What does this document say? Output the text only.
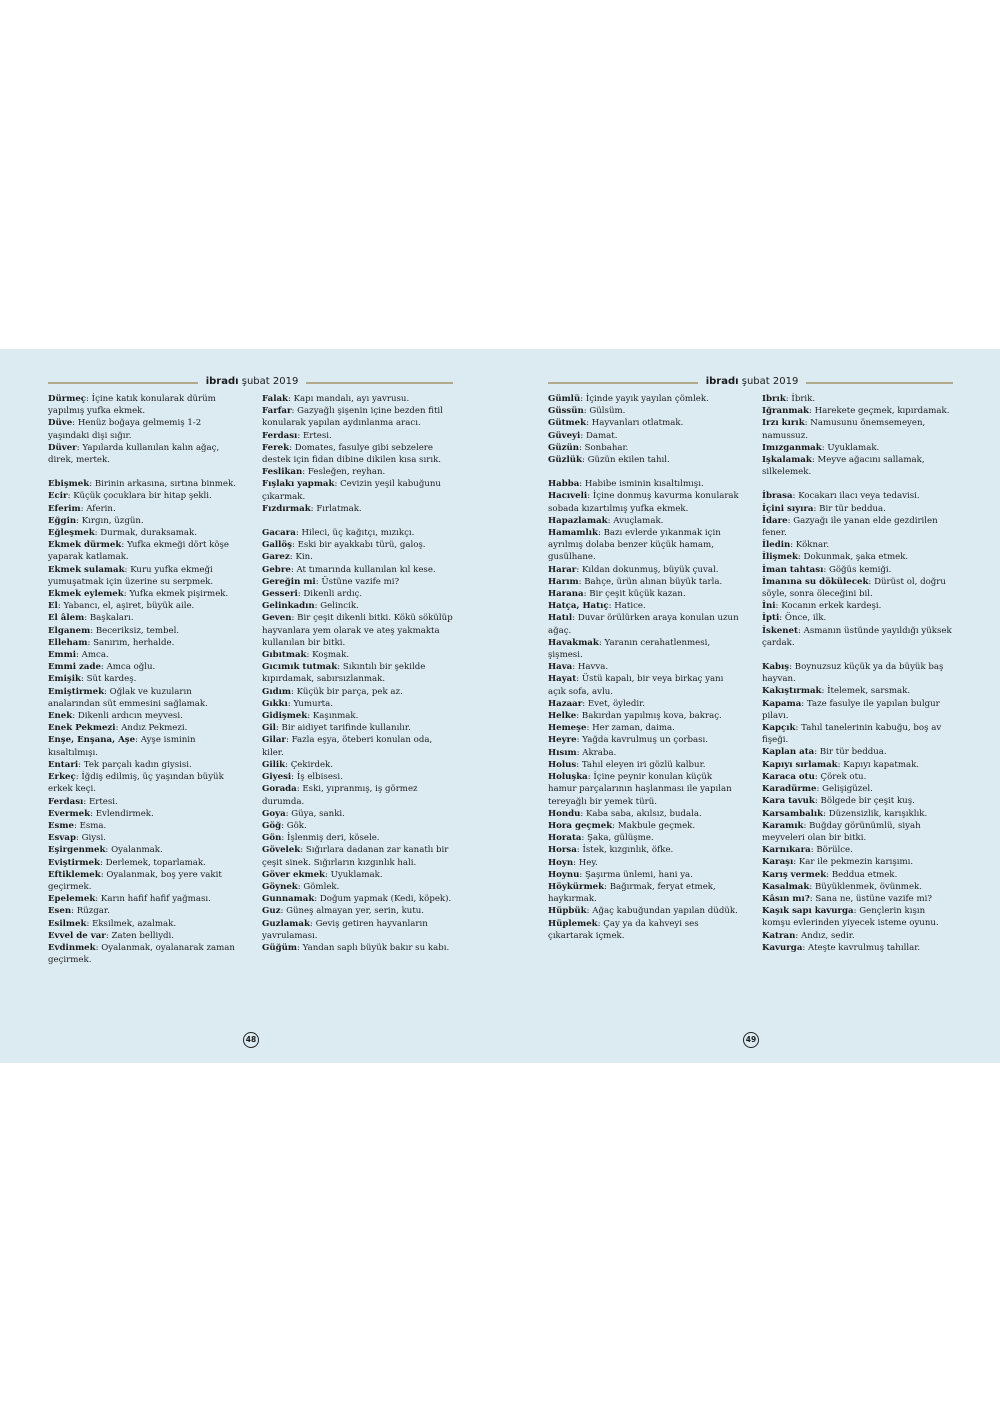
ibradı şubat 2019
Dürmeç: İçine katık konularak dürüm yapılmış yufka ekmek.
Düve: Henüz boğaya gelmemiş 1-2 yaşındaki dişi sığır.
Düver: Yapılarda kullanılan kalın ağaç, direk, mertek.
Ebişmek: Birinin arkasına, sırtına binmek.
Ecir: Küçük çocuklara bir hitap şekli.
Eferim: Aferin.
Eğgin: Kırgın, üzgün.
Eğleşmek: Durmak, duraksamak.
Ekmek dürmek: Yufka ekmeği dört köşe yaparak katlamak.
Ekmek sulamak: Kuru yufka ekmeği yumuşatmak için üzerine su serpmek.
Ekmek eylemek: Yufka ekmek pişirmek.
El: Yabancı, el, aşiret, büyük aile.
El âlem: Başkaları.
Elganem: Beceriksiz, tembel.
Elleham: Sanırım, herhalde.
Emmi: Amca.
Emmi zade: Amca oğlu.
Emişik: Süt kardeş.
Emiştirmek: Oğlak ve kuzuların analarından süt emmesini sağlamak.
Enek: Dikenli ardıcın meyvesi.
Enek Pekmezi: Andız Pekmezi.
Enşe, Enşana, Aşe: Ayşe isminin kısaltılmışı.
Entari: Tek parçalı kadın giysisi.
Erkeç: İğdiş edilmiş, üç yaşından büyük erkek keçi.
Ferdası: Ertesi.
Evermek: Evlendirmek.
Esme: Esma.
Esvap: Giysi.
Eşirgenmek: Oyalanmak.
Eviştirmek: Derlemek, toparlamak.
Eftiklemek: Oyalanmak, boş yere vakit geçirmek.
Epelemek: Karın hafif hafif yağması.
Esen: Rüzgar.
Esilmek: Eksilmek, azalmak.
Evvel de var: Zaten belliydi.
Evdinmek: Oyalanmak, oyalanarak zaman geçirmek.
Falak: Kapı mandalı, ayı yavrusu.
Farfar: Gazyağlı şişenin içine bezden fitil konularak yapılan aydınlanma aracı.
Ferdası: Ertesi.
Ferek: Domates, fasulye gibi sebzelere destek için fidan dibine dikilen kısa sırık.
Feslikan: Fesleğen, reyhan.
Fışlakı yapmak: Cevizin yeşil kabuğunu çıkarmak.
Fızdırmak: Fırlatmak.
Gacara: Hileci, üç kağıtçı, mızıkçı.
Gallöş: Eski bir ayakkabı türü, galoş.
Garez: Kin.
Gebre: At tımarında kullanılan kıl kese.
Gereğin mi: Üstüne vazife mi?
Gesseri: Dikenli ardıç.
Gelinkadın: Gelincik.
Geven: Bir çeşit dikenli bitki. Kökü sökülüp hayvanlara yem olarak ve ateş yakmakta kullanılan bir bitki.
Gıbıtmak: Koşmak.
Gıcımık tutmak: Sıkıntılı bir şekilde kıpırdamak, sabırsızlanmak.
Gıdım: Küçük bir parça, pek az.
Gıkkı: Yumurta.
Gidişmek: Kaşınmak.
Gil: Bir aidiyet tarifinde kullanılır.
Gilar: Fazla eşya, öteberi konulan oda, kiler.
Gilik: Çekirdek.
Giyesi: İş elbisesi.
Gorada: Eski, yıpranmış, iş görmez durumda.
Goya: Güya, sanki.
Göğ: Gök.
Gön: İşlenmiş deri, kösele.
Gövelek: Sığırlara dadanan zar kanatlı bir çeşit sinek. Sığırların kızgınlık hali.
Göver ekmek: Uyuklamak.
Göynek: Gömlek.
Gunnamak: Doğum yapmak (Kedi, köpek).
Guz: Güneş almayan yer, serin, kutu.
Guzlamak: Geviş getiren hayvanların yavrulaması.
Güğüm: Yandan saplı büyük bakır su kabı.
48
ibradı şubat 2019
Gümlü: İçinde yayık yayılan çömlek.
Güssün: Gülsüm.
Gütmek: Hayvanları otlatmak.
Güveyi: Damat.
Güzün: Sonbahar.
Güzlük: Güzün ekilen tahıl.
Habba: Habibe isminin kısaltılmışı.
Hacıveli: İçine donmuş kavurma konularak sobada kızartılmış yufka ekmek.
Hapazlamak: Avuçlamak.
Hamamlık: Bazı evlerde yıkanmak için ayrılmış dolaba benzer küçük hamam, gusülhane.
Harar: Kıldan dokunmuş, büyük çuval.
Harım: Bahçe, ürün alınan büyük tarla.
Harana: Bir çeşit küçük kazan.
Hatça, Hatıç: Hatice.
Hatıl: Duvar örülürken araya konulan uzun ağaç.
Havakmak: Yaranın cerahatlenmesi, şişmesi.
Hava: Havva.
Hayat: Üstü kapalı, bir veya birkaç yanı açık sofa, avlu.
Hazaar: Evet, öyledir.
Helke: Bakırdan yapılmış kova, bakraç.
Hemeşe: Her zaman, daima.
Heyre: Yağda kavrulmuş un çorbası.
Hısım: Akraba.
Holus: Tahıl eleyen iri gözlü kalbur.
Holuşka: İçine peynir konulan küçük hamur parçalarının haşlanması ile yapılan tereyağlı bir yemek türü.
Hondu: Kaba saba, akılsız, budala.
Hora geçmek: Makbule geçmek.
Horata: Şaka, gülüşme.
Horsa: İstek, kızgınlık, öfke.
Hoyn: Hey.
Hoynu: Şaşırma ünlemi, hani ya.
Höykürmek: Bağırmak, feryat etmek, haykırmak.
Hüpbük: Ağaç kabuğundan yapılan düdük.
Hüplemek: Çay ya da kahveyi ses çıkartarak içmek.
Ibrık: İbrik.
Iğranmak: Harekete geçmek, kıpırdamak.
Irzı kırık: Namusunu önemsemeyen, namussuz.
Imızganmak: Uyuklamak.
Işkalamak: Meyve ağacını sallamak, silkelemek.
İbrasa: Kocakarı ilacı veya tedavisi.
İçini sıyıra: Bir tür beddua.
İdare: Gazyağı ile yanan elde gezdirilen fener.
İledin: Köknar.
İlişmek: Dokunmak, şaka etmek.
İman tahtası: Göğüs kemiği.
İmanına su dökülecek: Dürüst ol, doğru söyle, sonra öleceğini bil.
İni: Kocanın erkek kardeşi.
İpti: Önce, ilk.
İskenet: Asmanın üstünde yayıldığı yüksek çardak.
Kabış: Boynuzsuz küçük ya da büyük baş hayvan.
Kakıştırmak: İtelemek, sarsmak.
Kapama: Taze fasulye ile yapılan bulgur pilavı.
Kapçık: Tahıl tanelerinin kabuğu, boş av fişeği.
Kaplan ata: Bir tür beddua.
Kapıyı sırlamak: Kapıyı kapatmak.
Karaca otu: Çörek otu.
Karadürme: Gelişigüzel.
Kara tavuk: Bölgede bir çeşit kuş.
Karsambalık: Düzensizlik, karışıklık.
Karamık: Buğday görünümlü, siyah meyveleri olan bir bitki.
Karnıkara: Börülce.
Karaşı: Kar ile pekmezin karışımı.
Karış vermek: Beddua etmek.
Kasalmak: Büyüklenmek, övünmek.
Kâsın mı?: Sana ne, üstüne vazife mi?
Kaşık sapı kavurga: Gençlerin kışın komşu evlerinden yiyecek isteme oyunu.
Katran: Andız, sedir.
Kavurga: Ateşte kavrulmuş tahıllar.
49
